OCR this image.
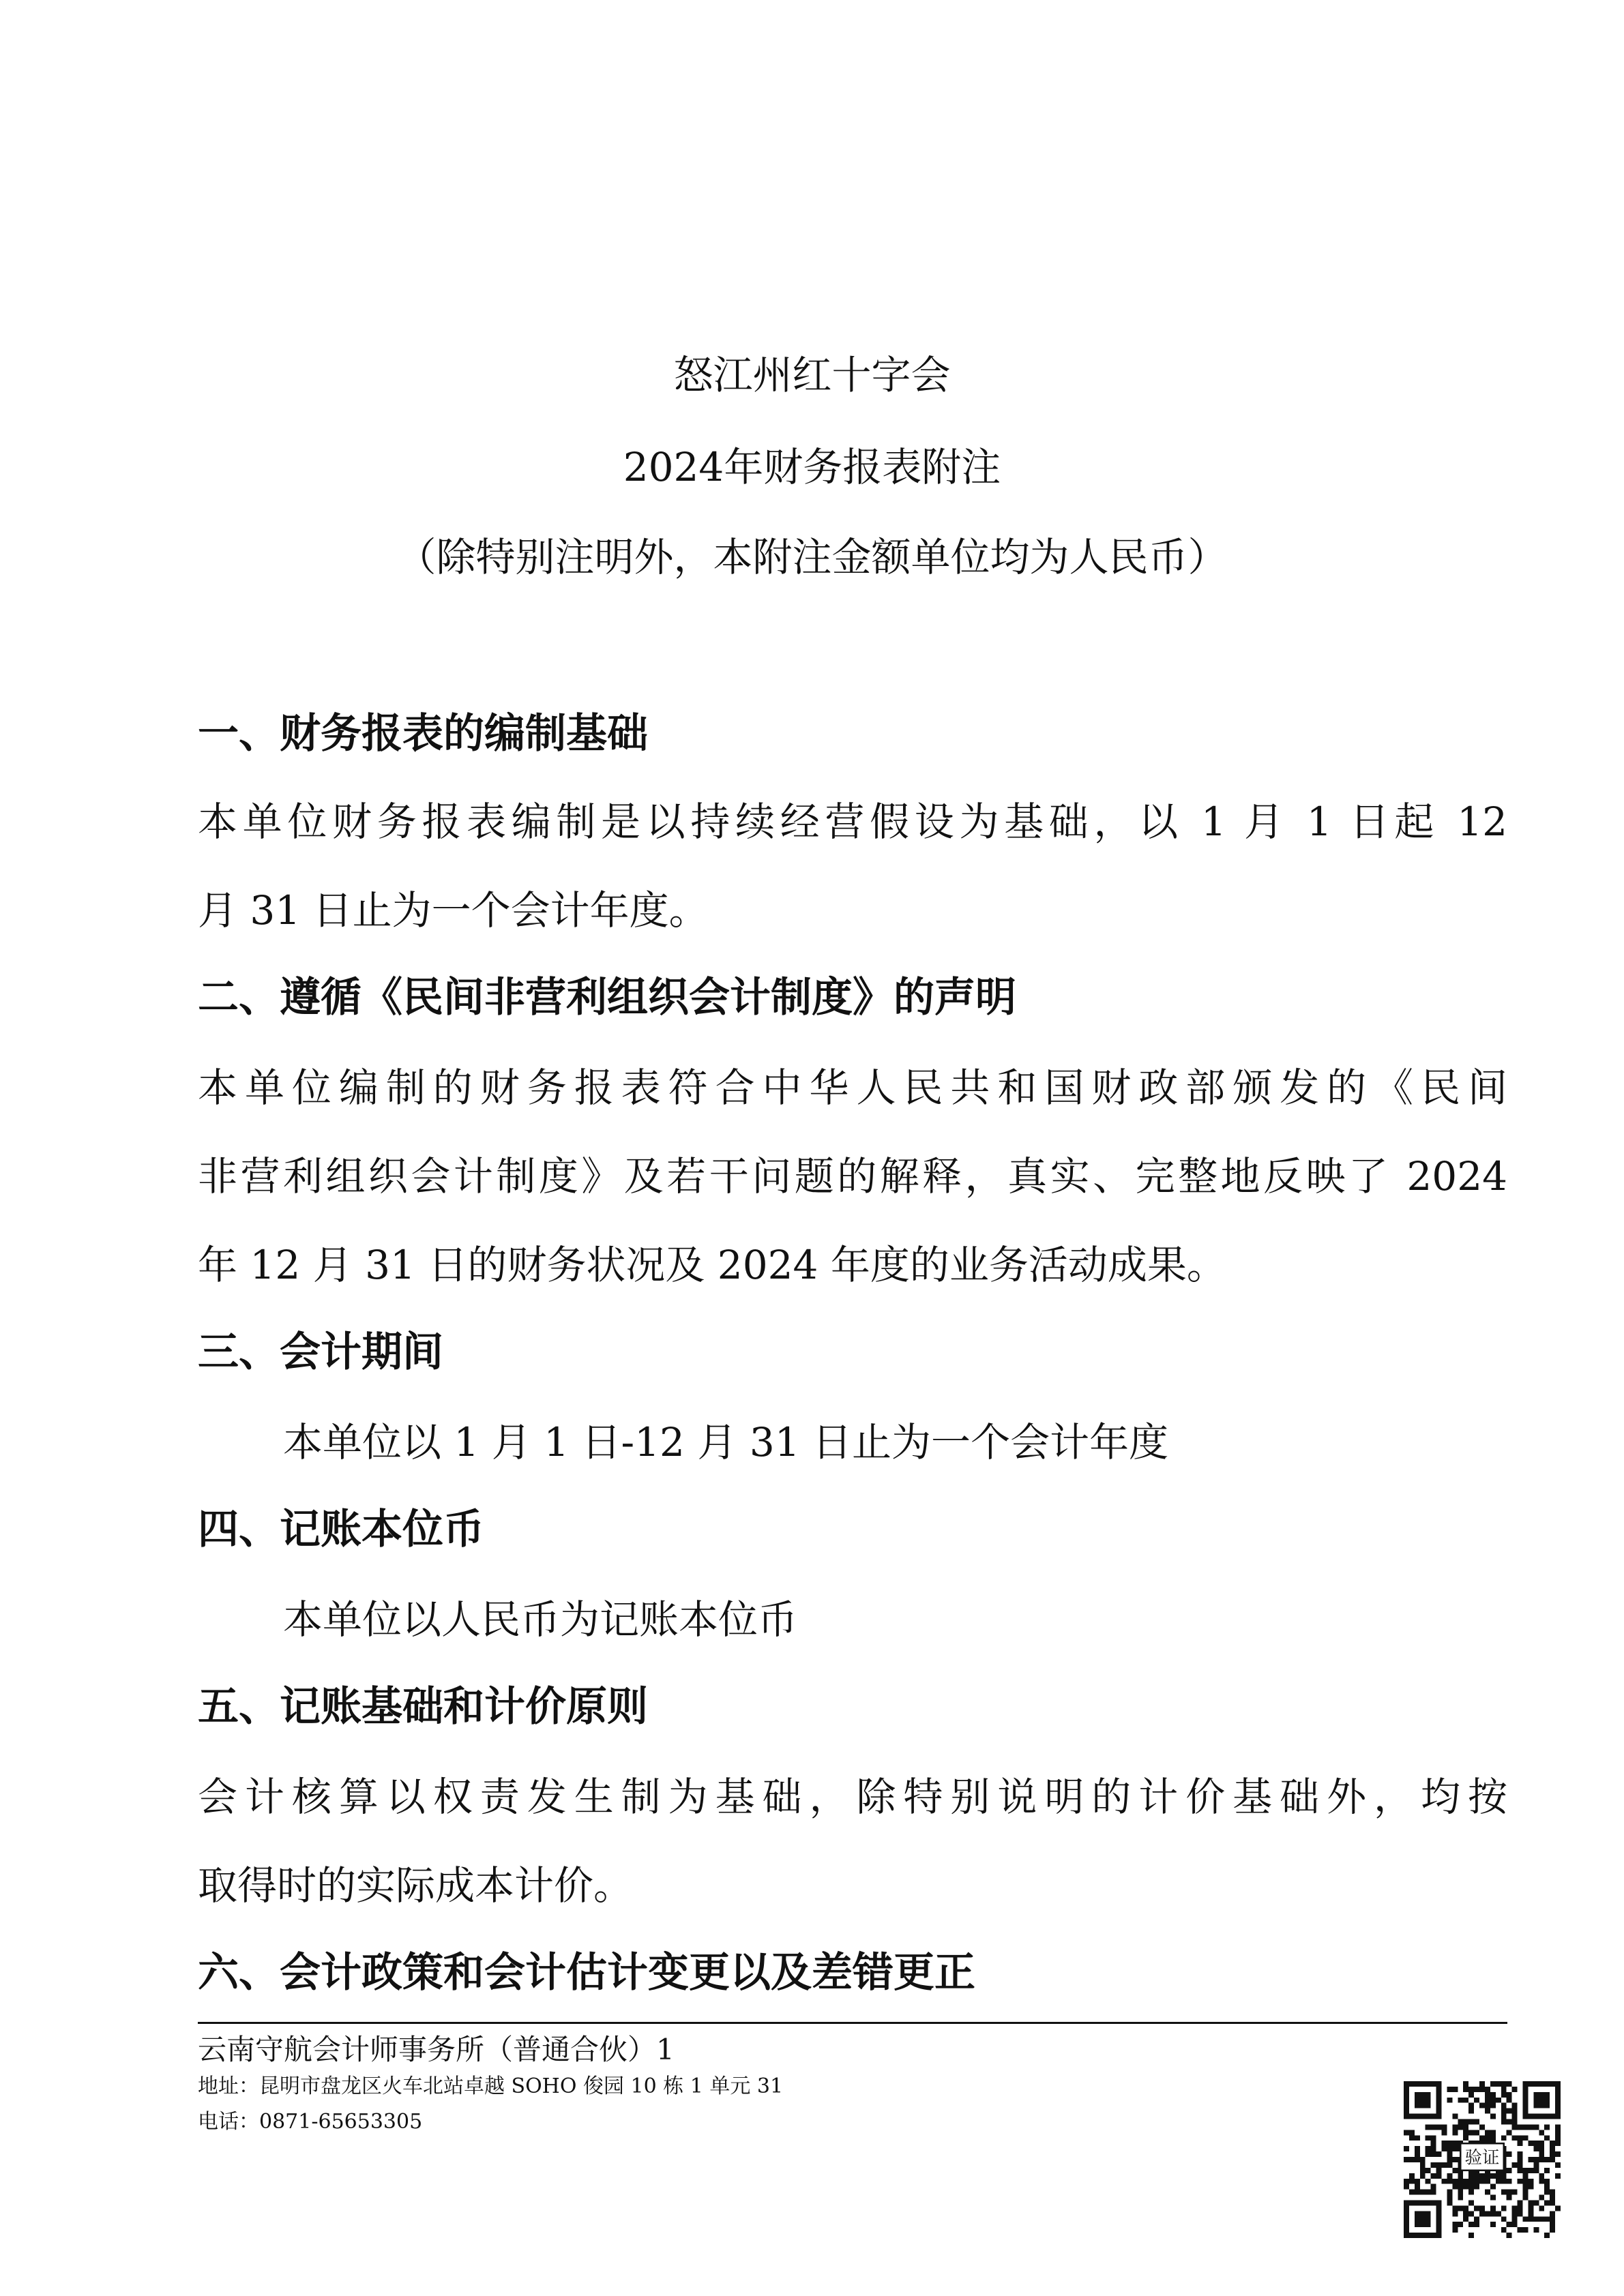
怒江州红十字会
2024年财务报表附注
（除特别注明外，本附注金额单位均为人民币）
一、财务报表的编制基础
本单位财务报表编制是以持续经营假设为基础，以 1 月 1 日起 12
月 31 日止为一个会计年度。
二、遵循《民间非营利组织会计制度》的声明
本单位编制的财务报表符合中华人民共和国财政部颁发的《民间
非营利组织会计制度》及若干问题的解释，真实、完整地反映了 2024
年 12 月 31 日的财务状况及 2024 年度的业务活动成果。
三、会计期间
本单位以 1 月 1 日-12 月 31 日止为一个会计年度
四、记账本位币
本单位以人民币为记账本位币
五、记账基础和计价原则
会计核算以权责发生制为基础，除特别说明的计价基础外，均按
取得时的实际成本计价。
六、会计政策和会计估计变更以及差错更正
云南守航会计师事务所（普通合伙）1
地址：昆明市盘龙区火车北站卓越 SOHO 俊园 10 栋 1 单元 31
电话：0871-65653305
验证
